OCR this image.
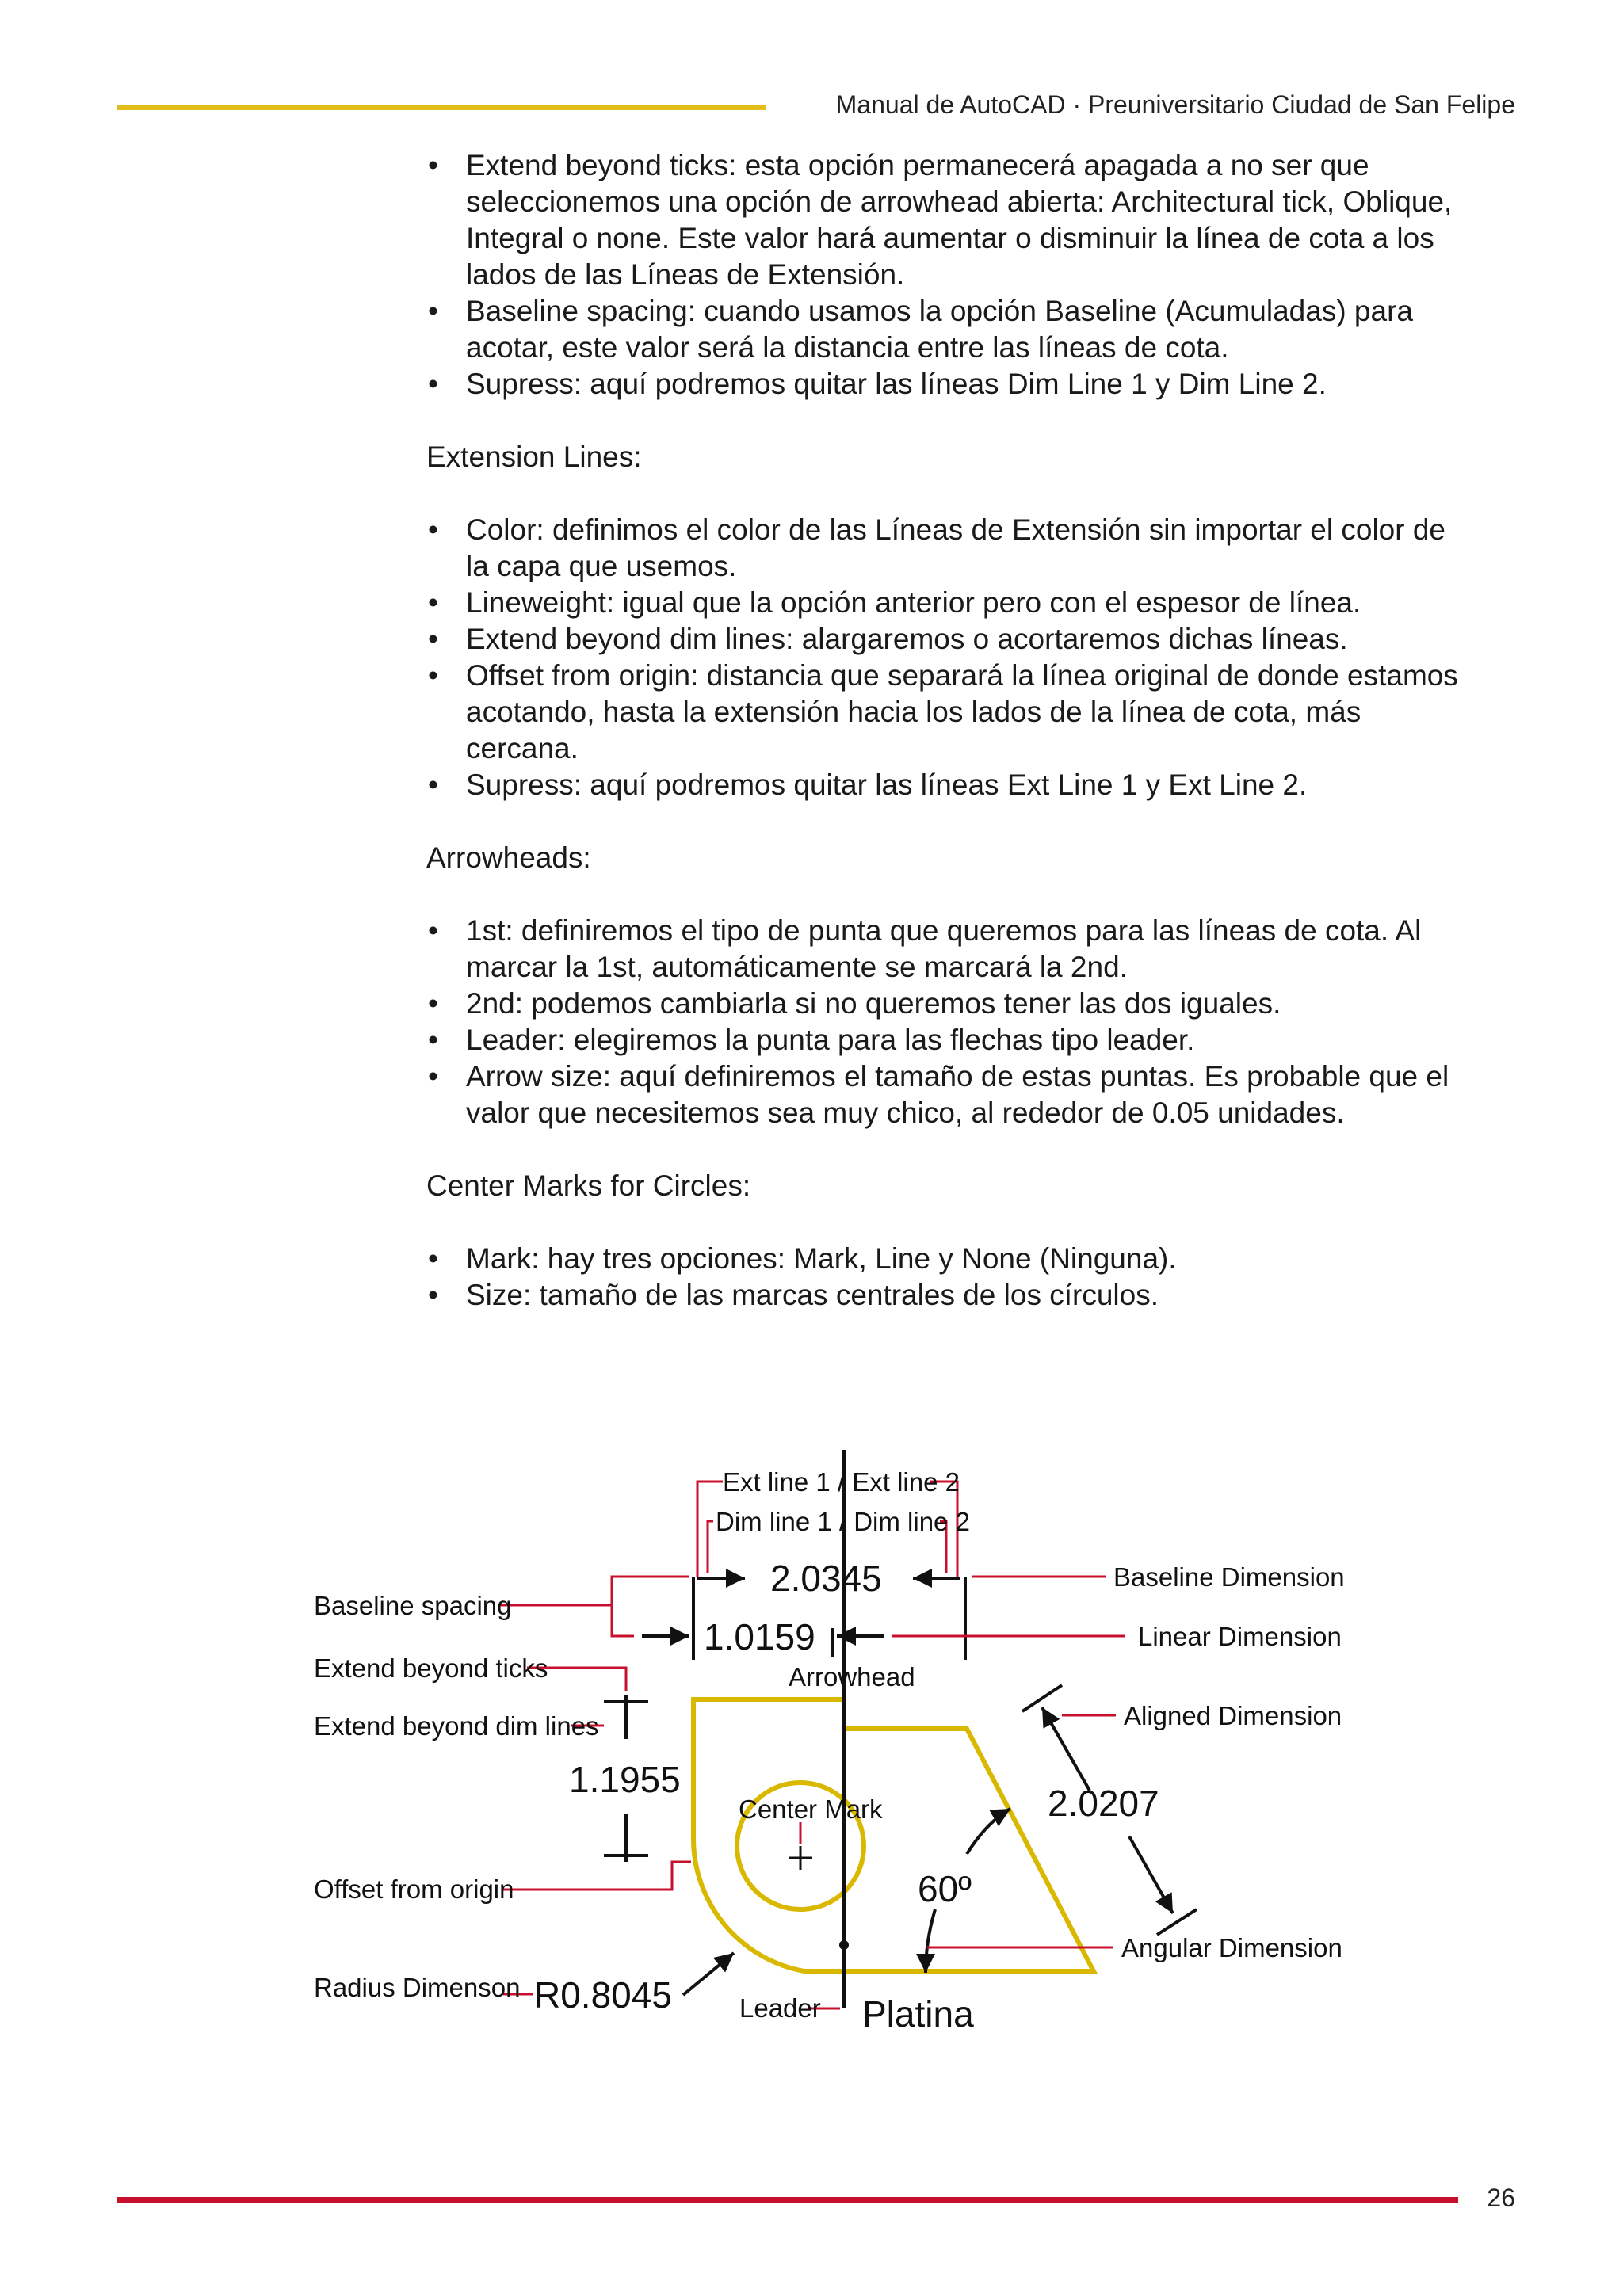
Manual de AutoCAD · Preuniversitario Ciudad de San Felipe
• Extend beyond ticks: esta opción permanecerá apagada a no ser que seleccionemos una opción de arrowhead abierta: Architectural tick, Oblique, Integral o none. Este valor hará aumentar o disminuir la línea de cota a los lados de las Líneas de Extensión.
• Baseline spacing: cuando usamos la opción Baseline (Acumuladas) para acotar, este valor será la distancia entre las líneas de cota.
• Supress: aquí podremos quitar las líneas Dim Line 1 y Dim Line 2.
Extension Lines:
• Color: definimos el color de las Líneas de Extensión sin importar el color de la capa que usemos.
• Lineweight: igual que la opción anterior pero con el espesor de línea.
• Extend beyond dim lines: alargaremos o acortaremos dichas líneas.
• Offset from origin: distancia que separará la línea original de donde estamos acotando, hasta la extensión hacia los lados de la línea de cota, más cercana.
• Supress: aquí podremos quitar las líneas Ext Line 1 y Ext Line 2.
Arrowheads:
• 1st: definiremos el tipo de punta que queremos para las líneas de cota. Al marcar la 1st, automáticamente se marcará la 2nd.
• 2nd: podemos cambiarla si no queremos tener las dos iguales.
• Leader: elegiremos la punta para las flechas tipo leader.
• Arrow size: aquí definiremos el tamaño de estas puntas. Es probable que el valor que necesitemos sea muy chico, al rededor de 0.05 unidades.
Center Marks for Circles:
• Mark: hay tres opciones: Mark, Line y None (Ninguna).
• Size: tamaño de las marcas centrales de los círculos.
Ext line 1 / Ext line 2
Dim line 1 / Dim line 2
Baseline spacing
Extend beyond ticks
Extend beyond dim lines
Offset from origin
Radius Dimenson
Baseline Dimension
Linear Dimension
Aligned Dimension
Angular Dimension
Arrowhead
Center Mark
Leader
2.0345
1.0159
1.1955
2.0207
60º
R0.8045	Platina
26
